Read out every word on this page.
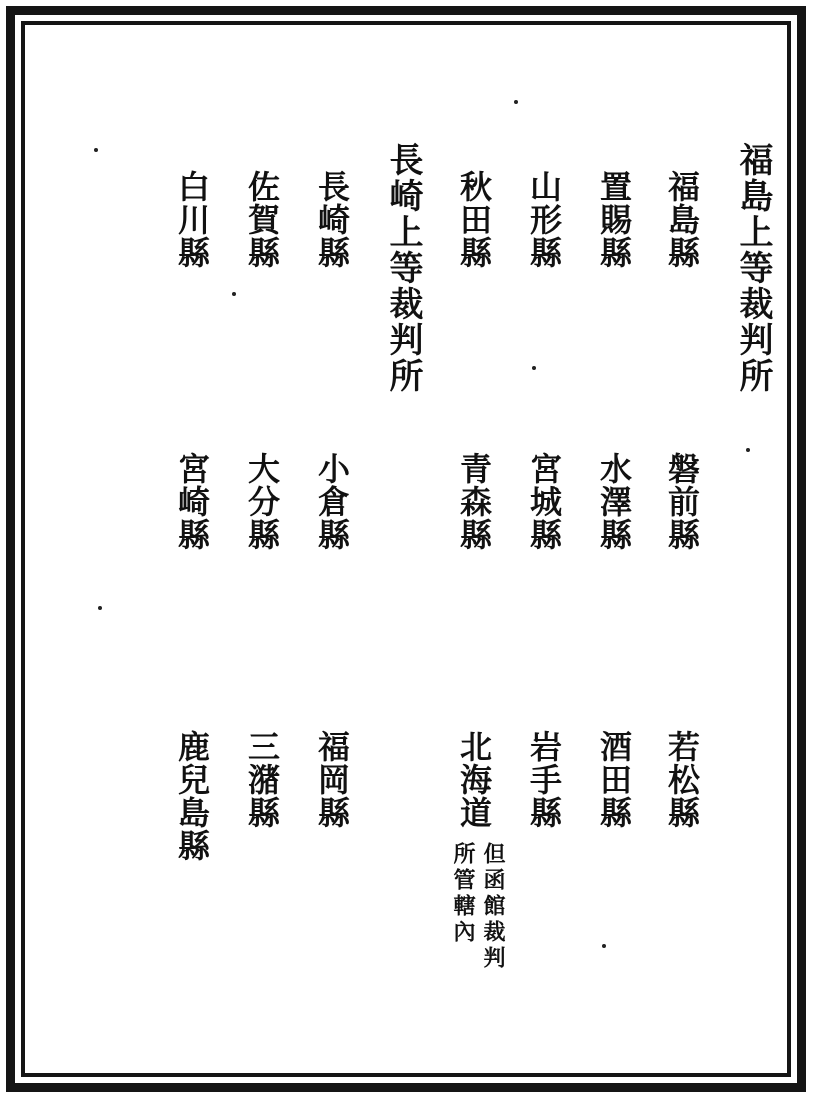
福島上等裁判所
福島縣
磐前縣
若松縣
置賜縣
水澤縣
酒田縣
山形縣
宮城縣
岩手縣
秋田縣
青森縣
北海道
但函館裁判
所管轄內
長崎上等裁判所
長崎縣
小倉縣
福岡縣
佐賀縣
大分縣
三潴縣
白川縣
宮崎縣
鹿兒島縣
